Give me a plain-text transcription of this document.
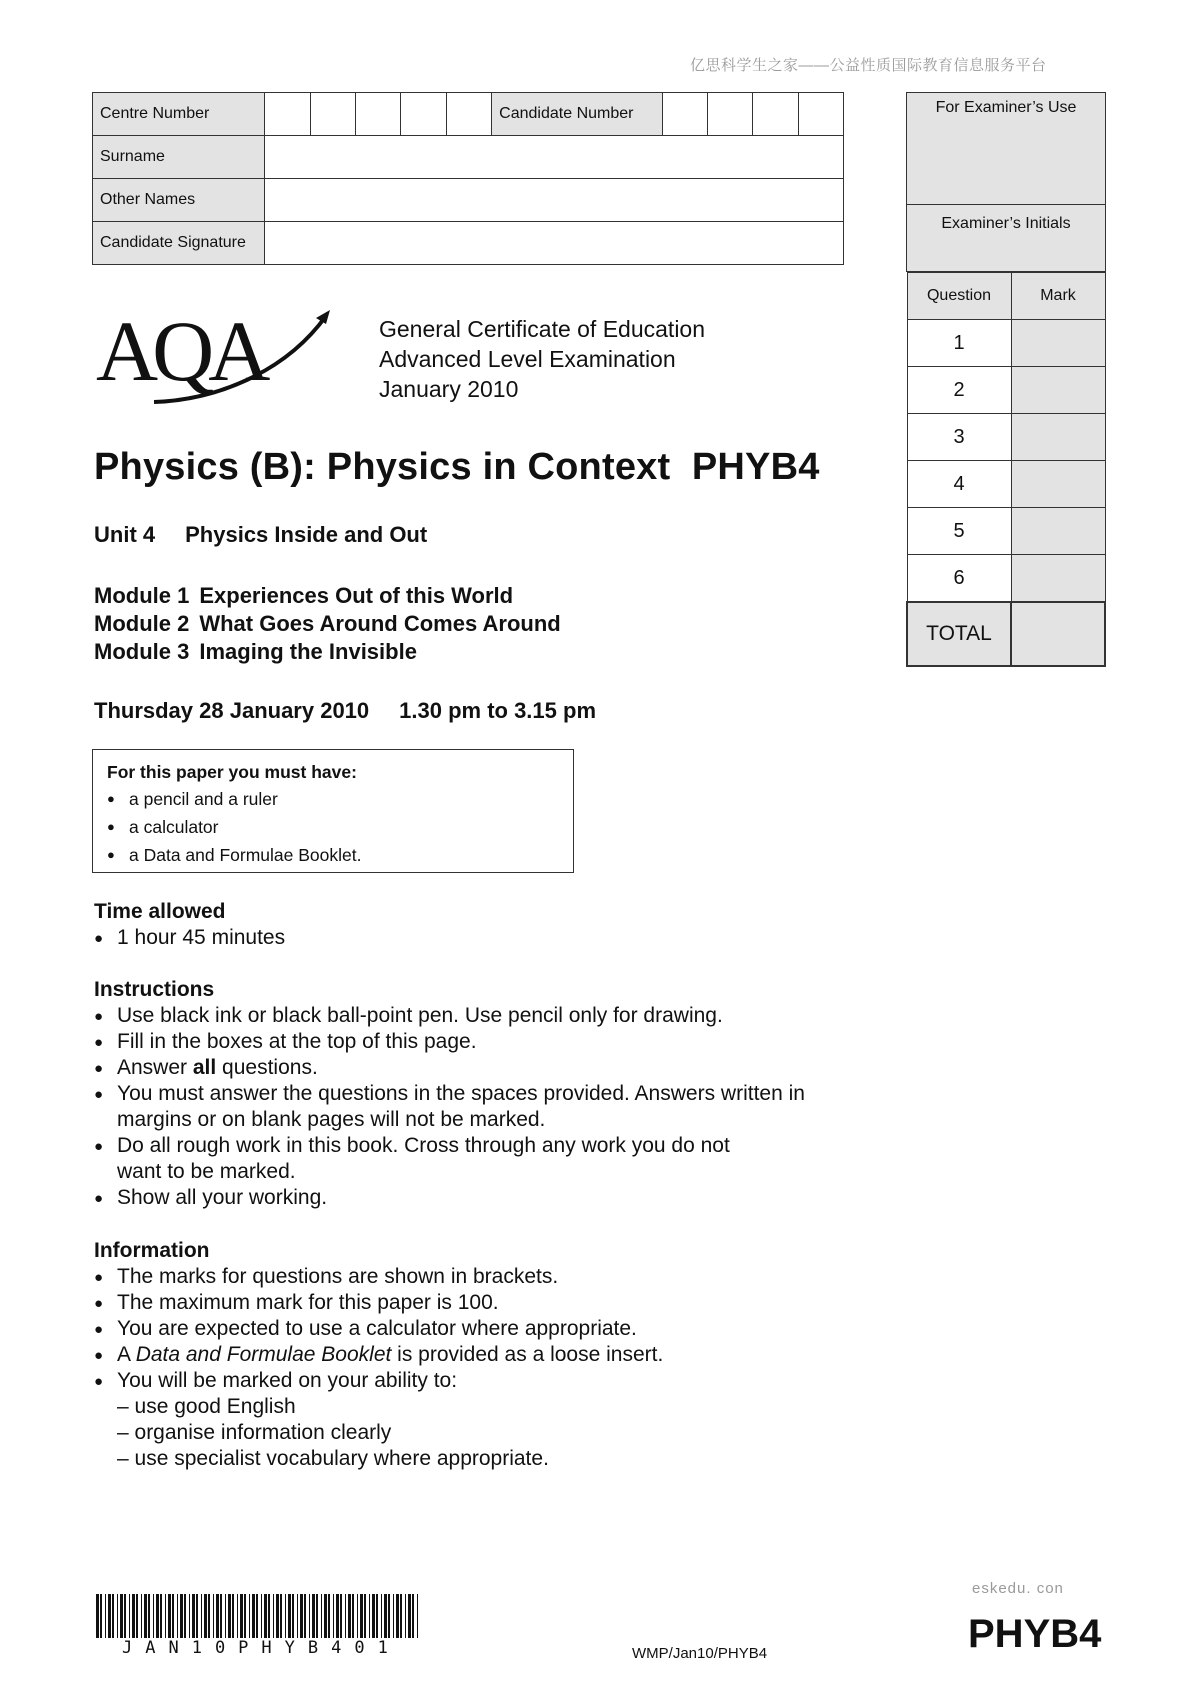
亿思科学生之家——公益性质国际教育信息服务平台
Centre Number						Candidate Number				
Surname										
Other Names										
Candidate Signature										
For Examiner’s Use
Examiner’s Initials
Question	Mark
1	
2	
3	
4	
5	
6	
TOTAL	
AQA	General Certificate of Education
Advanced Level Examination
January 2010
Physics (B): Physics in Context  PHYB4
Unit 4 Physics Inside and Out
Module 1 Experiences Out of this World
Module 2 What Goes Around Comes Around
Module 3 Imaging the Invisible
Thursday 28 January 2010 1.30 pm to 3.15 pm
For this paper you must have:
● a pencil and a ruler
● a calculator
● a Data and Formulae Booklet.
Time allowed
● 1 hour 45 minutes
Instructions
● Use black ink or black ball-point pen. Use pencil only for drawing.
● Fill in the boxes at the top of this page.
● Answer all questions.
● You must answer the questions in the spaces provided. Answers written in margins or on blank pages will not be marked.
● Do all rough work in this book. Cross through any work you do not want to be marked.
● Show all your working.
Information
● The marks for questions are shown in brackets.
● The maximum mark for this paper is 100.
● You are expected to use a calculator where appropriate.
● A Data and Formulae Booklet is provided as a loose insert.
● You will be marked on your ability to:
– use good English
– organise information clearly
– use specialist vocabulary where appropriate.
JAN10PHYB401	WMP/Jan10/PHYB4
eskedu. con
PHYB4
